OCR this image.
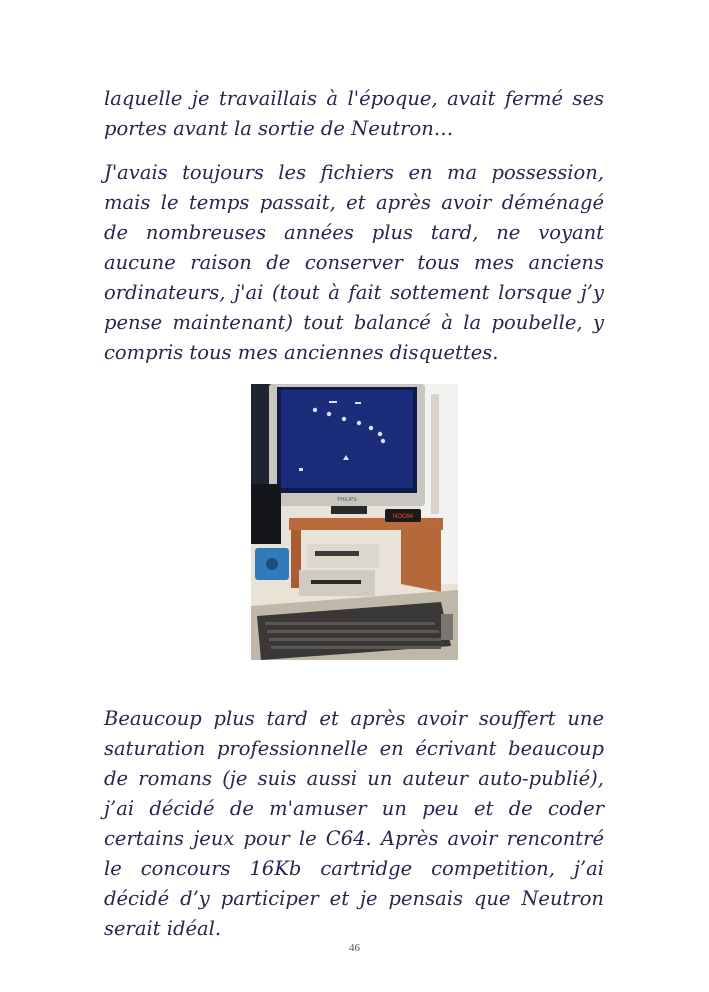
laquelle je travaillais à l'époque, avait fermé ses portes avant la sortie de Neutron…

J'avais toujours les fichiers en ma possession, mais le temps passait, et après avoir déménagé de nombreuses années plus tard, ne voyant aucune raison de conserver tous mes anciens ordinateurs, j'ai (tout à fait sottement lorsque j’y pense maintenant) tout balancé à la poubelle, y compris tous mes anciennes disquettes.

PHILIPS
NOC64

Beaucoup plus tard et après avoir souffert une saturation professionnelle en écrivant beaucoup de romans (je suis aussi un auteur auto-publié), j’ai décidé de m'amuser un peu et de coder certains jeux pour le C64. Après avoir rencontré le concours 16Kb cartridge competition, j’ai décidé d’y participer et je pensais que Neutron serait idéal.

46
